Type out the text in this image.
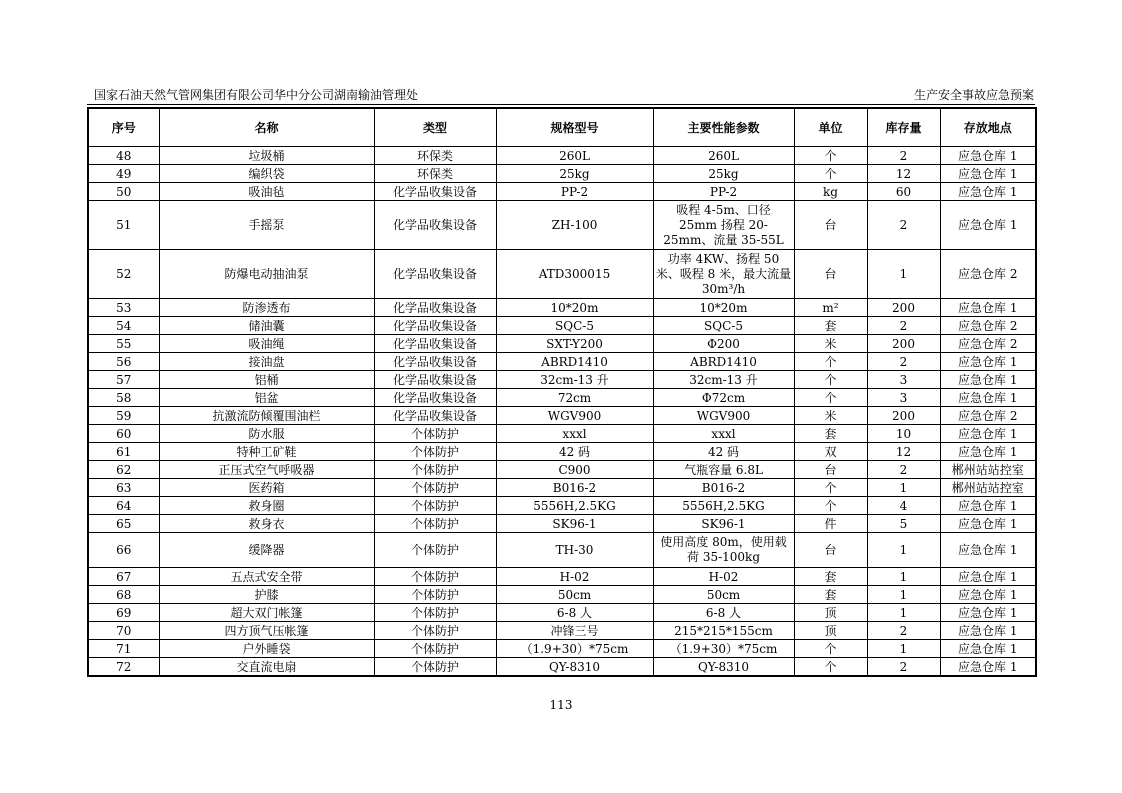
国家石油天然气管网集团有限公司华中分公司湖南输油管理处	生产安全事故应急预案
序号	名称	类型	规格型号	主要性能参数	单位	库存量	存放地点
48	垃圾桶	环保类	260L	260L	个	2	应急仓库 1
49	编织袋	环保类	25kg	25kg	个	12	应急仓库 1
50	吸油毡	化学品收集设备	PP-2	PP-2	kg	60	应急仓库 1
51	手摇泵	化学品收集设备	ZH-100	吸程 4-5m、口径 25mm 扬程 20-25mm、流量 35-55L	台	2	应急仓库 1
52	防爆电动抽油泵	化学品收集设备	ATD300015	功率 4KW、扬程 50 米、吸程 8 米，最大流量 30m³/h	台	1	应急仓库 2
53	防渗透布	化学品收集设备	10*20m	10*20m	m²	200	应急仓库 1
54	储油囊	化学品收集设备	SQC-5	SQC-5	套	2	应急仓库 2
55	吸油绳	化学品收集设备	SXT-Y200	Φ200	米	200	应急仓库 2
56	接油盘	化学品收集设备	ABRD1410	ABRD1410	个	2	应急仓库 1
57	铝桶	化学品收集设备	32cm-13 升	32cm-13 升	个	3	应急仓库 1
58	铝盆	化学品收集设备	72cm	Φ72cm	个	3	应急仓库 1
59	抗激流防倾覆围油栏	化学品收集设备	WGV900	WGV900	米	200	应急仓库 2
60	防水服	个体防护	xxxl	xxxl	套	10	应急仓库 1
61	特种工矿鞋	个体防护	42 码	42 码	双	12	应急仓库 1
62	正压式空气呼吸器	个体防护	C900	气瓶容量 6.8L	台	2	郴州站站控室
63	医药箱	个体防护	B016-2	B016-2	个	1	郴州站站控室
64	救身圈	个体防护	5556H,2.5KG	5556H,2.5KG	个	4	应急仓库 1
65	救身衣	个体防护	SK96-1	SK96-1	件	5	应急仓库 1
66	缓降器	个体防护	TH-30	使用高度 80m，使用载荷 35-100kg	台	1	应急仓库 1
67	五点式安全带	个体防护	H-02	H-02	套	1	应急仓库 1
68	护膝	个体防护	50cm	50cm	套	1	应急仓库 1
69	超大双门帐篷	个体防护	6-8 人	6-8 人	顶	1	应急仓库 1
70	四方顶气压帐篷	个体防护	冲锋三号	215*215*155cm	顶	2	应急仓库 1
71	户外睡袋	个体防护	（1.9+30）*75cm	（1.9+30）*75cm	个	1	应急仓库 1
72	交直流电扇	个体防护	QY-8310	QY-8310	个	2	应急仓库 1
113
